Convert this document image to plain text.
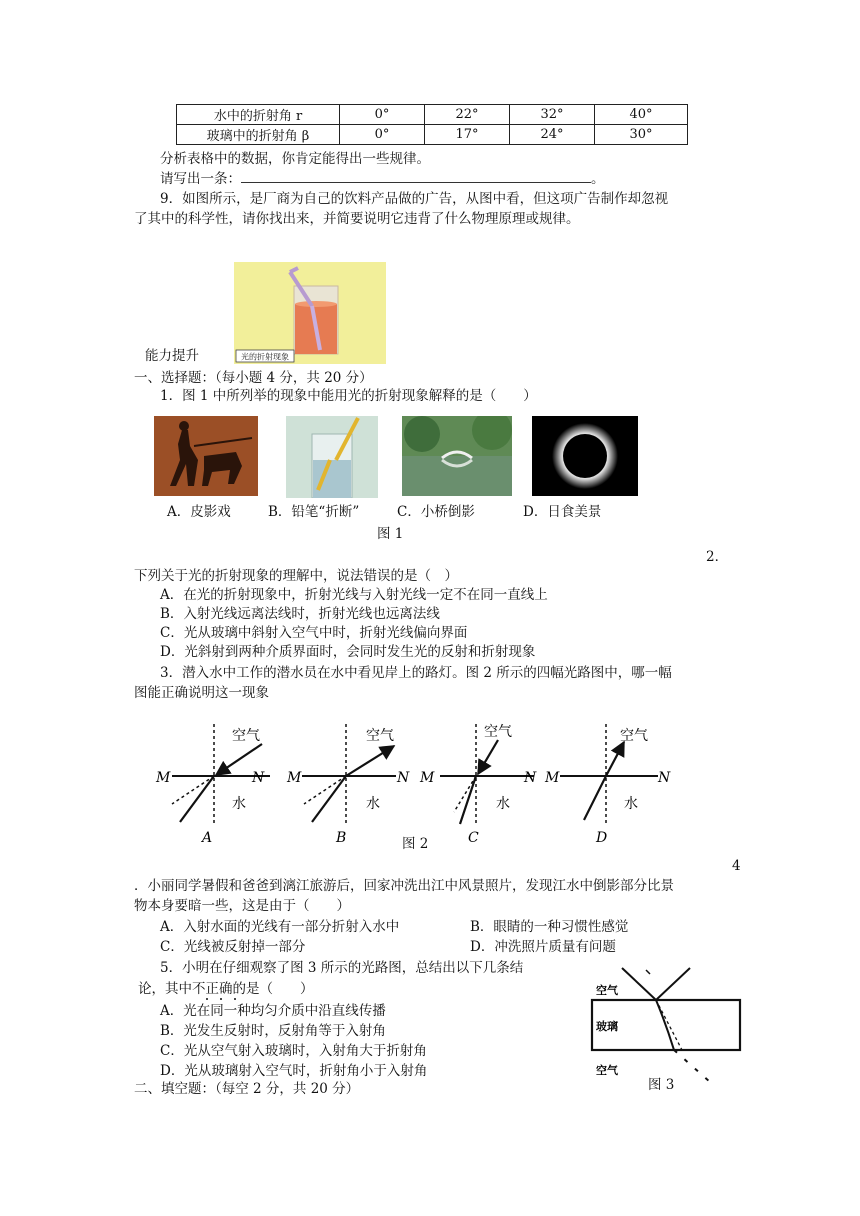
水中的折射角 r	0°	22°	32°	40°
玻璃中的折射角 β	0°	17°	24°	30°
分析表格中的数据，你肯定能得出一些规律。
请写出一条：	。
9．如图所示，是厂商为自己的饮料产品做的广告，从图中看，但这项广告制作却忽视
了其中的科学性，请你找出来，并简要说明它违背了什么物理原理或规律。
光的折射现象
能力提升
一、选择题：（每小题 4 分，共 20 分）
1．图 1 中所列举的现象中能用光的折射现象解释的是（　　）
A．皮影戏	B．铅笔“折断”	C．小桥倒影	D．日食美景
图 1
2．
下列关于光的折射现象的理解中，说法错误的是（　）
A．在光的折射现象中，折射光线与入射光线一定不在同一直线上
B．入射光线远离法线时，折射光线也远离法线
C．光从玻璃中斜射入空气中时，折射光线偏向界面
D．光斜射到两种介质界面时，会同时发生光的反射和折射现象
3．潜入水中工作的潜水员在水中看见岸上的路灯。图 2 所示的四幅光路图中，哪一幅
图能正确说明这一现象
M	N
空气
水
A
M	N
空气
水
B
M	N
空气
水
C
M	N
空气
水
D
图 2
4
．小丽同学暑假和爸爸到漓江旅游后，回家冲洗出江中风景照片，发现江水中倒影部分比景
物本身要暗一些，这是由于（　　）
A．入射水面的光线有一部分折射入水中	B．眼睛的一种习惯性感觉
C．光线被反射掉一部分	D．冲洗照片质量有问题
5．小明在仔细观察了图 3 所示的光路图，总结出以下几条结
论，其中不正确的是（　　）
A．光在同一种均匀介质中沿直线传播
B．光发生反射时，反射角等于入射角
C．光从空气射入玻璃时，入射角大于折射角
D．光从玻璃射入空气时，折射角小于入射角
空气
玻璃
空气
图 3
二、填空题：（每空 2 分，共 20 分）
